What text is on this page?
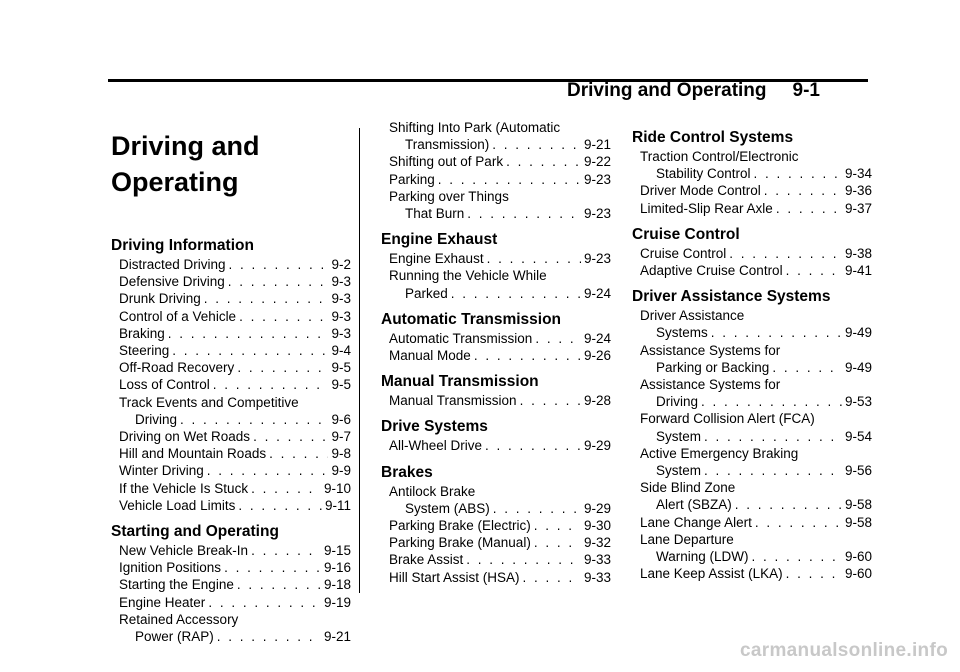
Driving and Operating 9-1
Driving and
Operating
Driving Information
Distracted Driving . . .	9-2
Defensive Driving . . .	9-3
Drunk Driving . . .	9-3
Control of a Vehicle . . .	9-3
Braking . . .	9-3
Steering . . .	9-4
Off-Road Recovery . . .	9-5
Loss of Control . . .	9-5
Track Events and Competitive
Driving . . .	9-6
Driving on Wet Roads . . .	9-7
Hill and Mountain Roads . . .	9-8
Winter Driving . . .	9-9
If the Vehicle Is Stuck . . .	9-10
Vehicle Load Limits . . .	9-11
Starting and Operating
New Vehicle Break-In . . .	9-15
Ignition Positions . . .	9-16
Starting the Engine . . .	9-18
Engine Heater . . .	9-19
Retained Accessory
Power (RAP) . . .	9-21
Shifting Into Park (Automatic
Transmission) . . .	9-21
Shifting out of Park . . .	9-22
Parking . . .	9-23
Parking over Things
That Burn . . .	9-23
Engine Exhaust
Engine Exhaust . . .	9-23
Running the Vehicle While
Parked . . .	9-24
Automatic Transmission
Automatic Transmission . . .	9-24
Manual Mode . . .	9-26
Manual Transmission
Manual Transmission . . .	9-28
Drive Systems
All-Wheel Drive . . .	9-29
Brakes
Antilock Brake
System (ABS) . . .	9-29
Parking Brake (Electric) . . .	9-30
Parking Brake (Manual) . . .	9-32
Brake Assist . . .	9-33
Hill Start Assist (HSA) . . .	9-33
Ride Control Systems
Traction Control/Electronic
Stability Control . . .	9-34
Driver Mode Control . . .	9-36
Limited-Slip Rear Axle . . .	9-37
Cruise Control
Cruise Control . . .	9-38
Adaptive Cruise Control . . .	9-41
Driver Assistance Systems
Driver Assistance
Systems . . .	9-49
Assistance Systems for
Parking or Backing . . .	9-49
Assistance Systems for
Driving . . .	9-53
Forward Collision Alert (FCA)
System . . .	9-54
Active Emergency Braking
System . . .	9-56
Side Blind Zone
Alert (SBZA) . . .	9-58
Lane Change Alert . . .	9-58
Lane Departure
Warning (LDW) . . .	9-60
Lane Keep Assist (LKA) . . .	9-60
carmanualsonline.info
